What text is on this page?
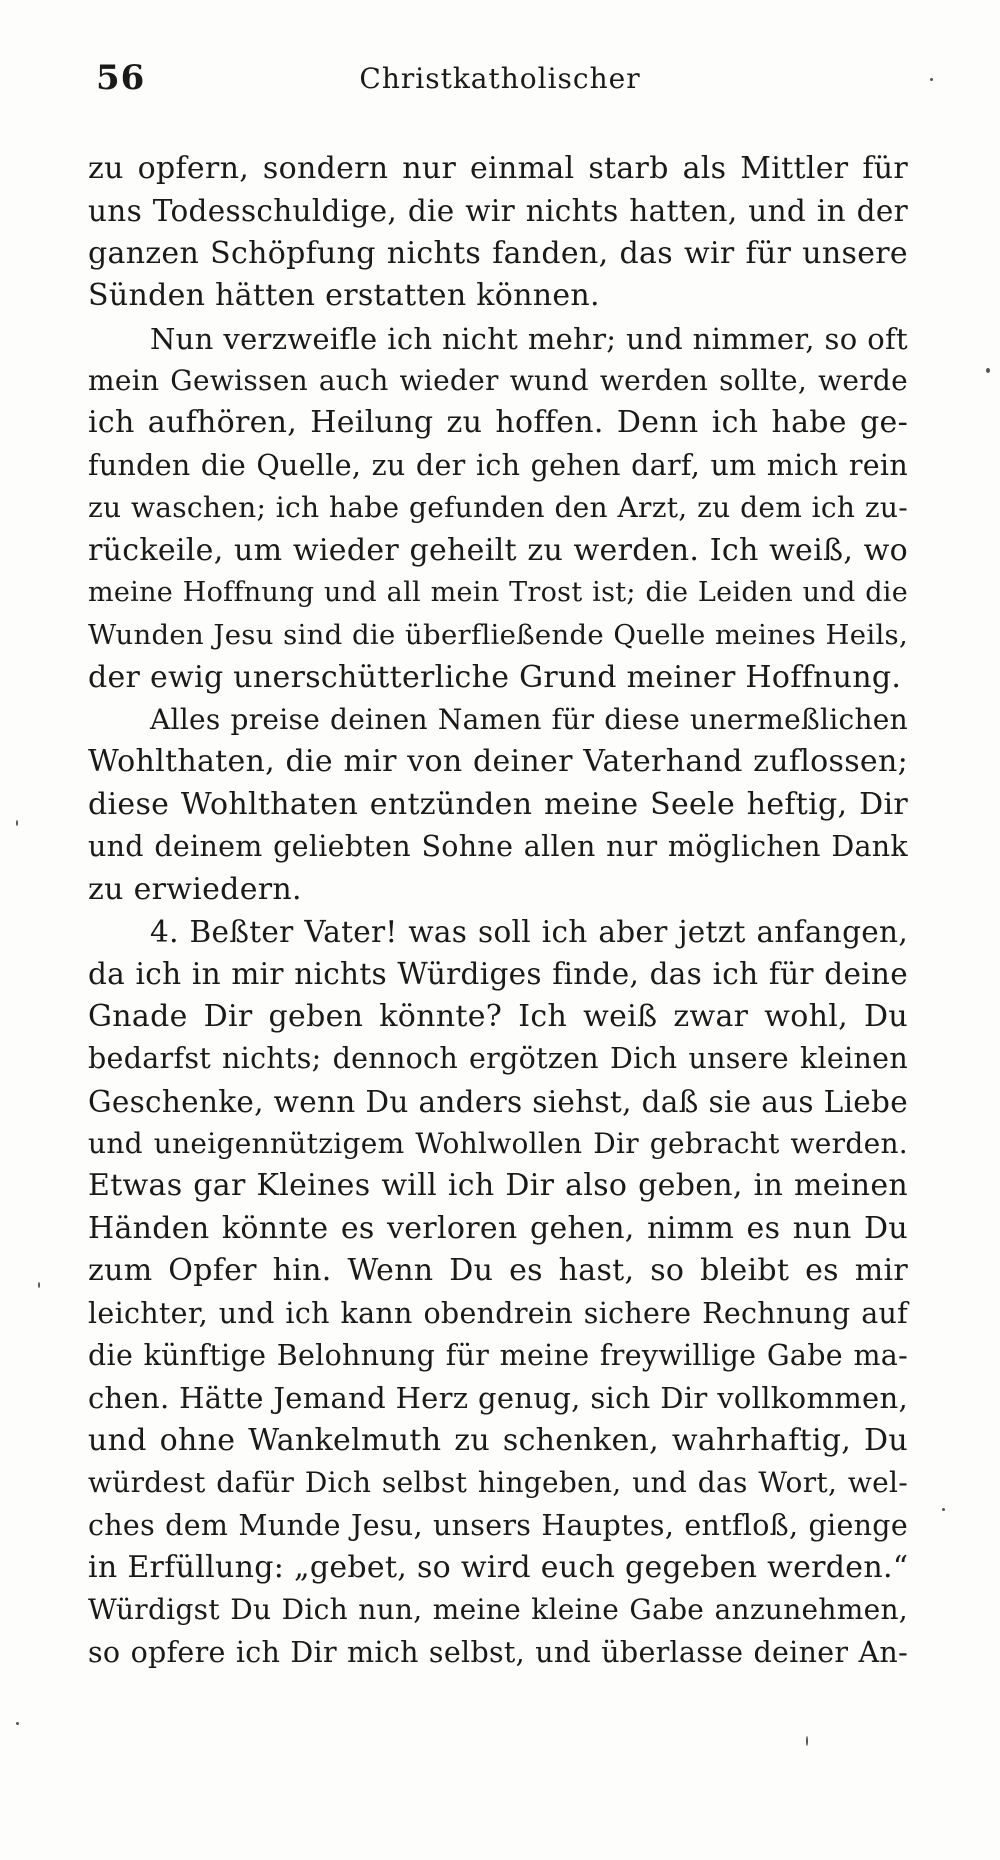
56	Christkatholischer
zu opfern, sondern nur einmal starb als Mittler für
uns Todesschuldige, die wir nichts hatten, und in der
ganzen Schöpfung nichts fanden, das wir für unsere
Sünden hätten erstatten können.
Nun verzweifle ich nicht mehr; und nimmer, so oft
mein Gewissen auch wieder wund werden sollte, werde
ich aufhören, Heilung zu hoffen. Denn ich habe ge-
funden die Quelle, zu der ich gehen darf, um mich rein
zu waschen; ich habe gefunden den Arzt, zu dem ich zu-
rückeile, um wieder geheilt zu werden. Ich weiß, wo
meine Hoffnung und all mein Trost ist; die Leiden und die
Wunden Jesu sind die überfließende Quelle meines Heils,
der ewig unerschütterliche Grund meiner Hoffnung.
Alles preise deinen Namen für diese unermeßlichen
Wohlthaten, die mir von deiner Vaterhand zuflossen;
diese Wohlthaten entzünden meine Seele heftig, Dir
und deinem geliebten Sohne allen nur möglichen Dank
zu erwiedern.
4. Beßter Vater! was soll ich aber jetzt anfangen,
da ich in mir nichts Würdiges finde, das ich für deine
Gnade Dir geben könnte? Ich weiß zwar wohl, Du
bedarfst nichts; dennoch ergötzen Dich unsere kleinen
Geschenke, wenn Du anders siehst, daß sie aus Liebe
und uneigennützigem Wohlwollen Dir gebracht werden.
Etwas gar Kleines will ich Dir also geben, in meinen
Händen könnte es verloren gehen, nimm es nun Du
zum Opfer hin. Wenn Du es hast, so bleibt es mir
leichter, und ich kann obendrein sichere Rechnung auf
die künftige Belohnung für meine freywillige Gabe ma-
chen. Hätte Jemand Herz genug, sich Dir vollkommen,
und ohne Wankelmuth zu schenken, wahrhaftig, Du
würdest dafür Dich selbst hingeben, und das Wort, wel-
ches dem Munde Jesu, unsers Hauptes, entfloß, gienge
in Erfüllung: „gebet, so wird euch gegeben werden.“
Würdigst Du Dich nun, meine kleine Gabe anzunehmen,
so opfere ich Dir mich selbst, und überlasse deiner An-
